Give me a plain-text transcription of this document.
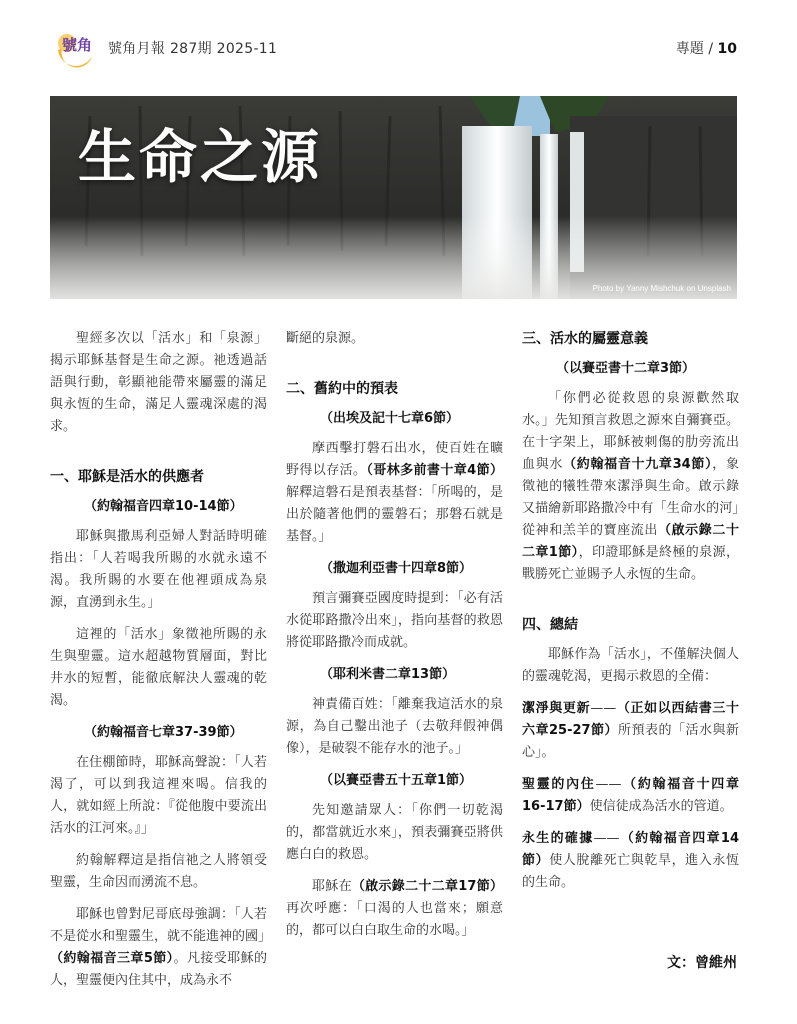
號角 號角月報 287期 2025-11	專題 / 10
生命之源
Photo by Yanny Mishchuk on Unsplash

聖經多次以「活水」和「泉源」揭示耶穌基督是生命之源。祂透過話語與行動，彰顯祂能帶來屬靈的滿足與永恆的生命，滿足人靈魂深處的渴求。

一、耶穌是活水的供應者
（約翰福音四章10-14節）

耶穌與撒馬利亞婦人對話時明確指出：「人若喝我所賜的水就永遠不渴。我所賜的水要在他裡頭成為泉源，直湧到永生。」

這裡的「活水」象徵祂所賜的永生與聖靈。這水超越物質層面，對比井水的短暫，能徹底解決人靈魂的乾渴。

（約翰福音七章37-39節）

在住棚節時，耶穌高聲說：「人若渴了，可以到我這裡來喝。信我的人，就如經上所說：『從他腹中要流出活水的江河來。』」

約翰解釋這是指信祂之人將領受聖靈，生命因而湧流不息。

耶穌也曾對尼哥底母強調：「人若不是從水和聖靈生，就不能進神的國」（約翰福音三章5節）。凡接受耶穌的人，聖靈便內住其中，成為永不

斷絕的泉源。

二、舊約中的預表
（出埃及記十七章6節）

摩西擊打磐石出水，使百姓在曠野得以存活。（哥林多前書十章4節）解釋這磐石是預表基督：「所喝的，是出於隨著他們的靈磐石；那磐石就是基督。」

（撒迦利亞書十四章8節）

預言彌賽亞國度時提到：「必有活水從耶路撒冷出來」，指向基督的救恩將從耶路撒冷而成就。

（耶利米書二章13節）

神責備百姓：「離棄我這活水的泉源，為自己鑿出池子（去敬拜假神偶像），是破裂不能存水的池子。」

（以賽亞書五十五章1節）

先知邀請眾人：「你們一切乾渴的，都當就近水來」，預表彌賽亞將供應白白的救恩。

耶穌在（啟示錄二十二章17節）再次呼應：「口渴的人也當來；願意的，都可以白白取生命的水喝。」

三、活水的屬靈意義
（以賽亞書十二章3節）

「你們必從救恩的泉源歡然取水。」先知預言救恩之源來自彌賽亞。在十字架上，耶穌被刺傷的肋旁流出血與水（約翰福音十九章34節），象徵祂的犧牲帶來潔淨與生命。啟示錄又描繪新耶路撒冷中有「生命水的河」從神和羔羊的寶座流出（啟示錄二十二章1節），印證耶穌是終極的泉源，戰勝死亡並賜予人永恆的生命。

四、總結

耶穌作為「活水」，不僅解決個人的靈魂乾渴，更揭示救恩的全備：

潔淨與更新——（正如以西結書三十六章25-27節）所預表的「活水與新心」。

聖靈的內住——（約翰福音十四章16-17節）使信徒成為活水的管道。

永生的確據——（約翰福音四章14節）使人脫離死亡與乾旱，進入永恆的生命。

文：曾維州
